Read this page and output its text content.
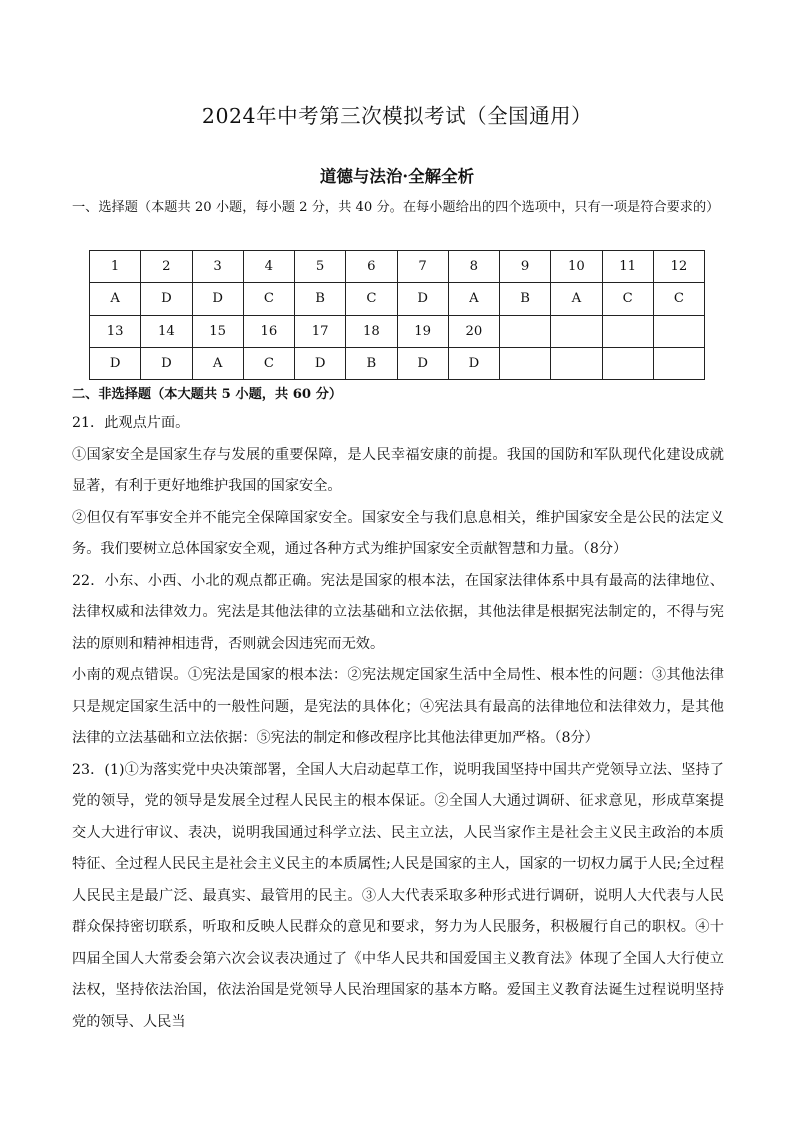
2024年中考第三次模拟考试（全国通用）
道德与法治·全解全析
一、选择题（本题共 20 小题，每小题 2 分，共 40 分。在每小题给出的四个选项中，只有一项是符合要求的）
1	2	3	4	5	6	7	8	9	10	11	12
A	D	D	C	B	C	D	A	B	A	C	C
13	14	15	16	17	18	19	20				
D	D	A	C	D	B	D	D				
二、非选择题（本大题共 5 小题，共 60 分）

21．此观点片面。

①国家安全是国家生存与发展的重要保障，是人民幸福安康的前提。我国的国防和军队现代化建设成就显著，有利于更好地维护我国的国家安全。

②但仅有军事安全并不能完全保障国家安全。国家安全与我们息息相关，维护国家安全是公民的法定义务。我们要树立总体国家安全观，通过各种方式为维护国家安全贡献智慧和力量。（8分）

22．小东、小西、小北的观点都正确。宪法是国家的根本法，在国家法律体系中具有最高的法律地位、法律权威和法律效力。宪法是其他法律的立法基础和立法依据，其他法律是根据宪法制定的，不得与宪法的原则和精神相违背，否则就会因违宪而无效。

小南的观点错误。①宪法是国家的根本法：②宪法规定国家生活中全局性、根本性的问题：③其他法律只是规定国家生活中的一般性问题，是宪法的具体化；④宪法具有最高的法律地位和法律效力，是其他法律的立法基础和立法依据：⑤宪法的制定和修改程序比其他法律更加严格。（8分）

23．(1)①为落实党中央决策部署，全国人大启动起草工作，说明我国坚持中国共产党领导立法、坚持了党的领导，党的领导是发展全过程人民民主的根本保证。②全国人大通过调研、征求意见，形成草案提交人大进行审议、表决，说明我国通过科学立法、民主立法，人民当家作主是社会主义民主政治的本质特征、全过程人民民主是社会主义民主的本质属性;人民是国家的主人，国家的一切权力属于人民;全过程人民民主是最广泛、最真实、最管用的民主。③人大代表采取多种形式进行调研，说明人大代表与人民群众保持密切联系，听取和反映人民群众的意见和要求，努力为人民服务，积极履行自己的职权。④十四届全国人大常委会第六次会议表决通过了《中华人民共和国爱国主义教育法》体现了全国人大行使立法权，坚持依法治国，依法治国是党领导人民治理国家的基本方略。爱国主义教育法诞生过程说明坚持党的领导、人民当
